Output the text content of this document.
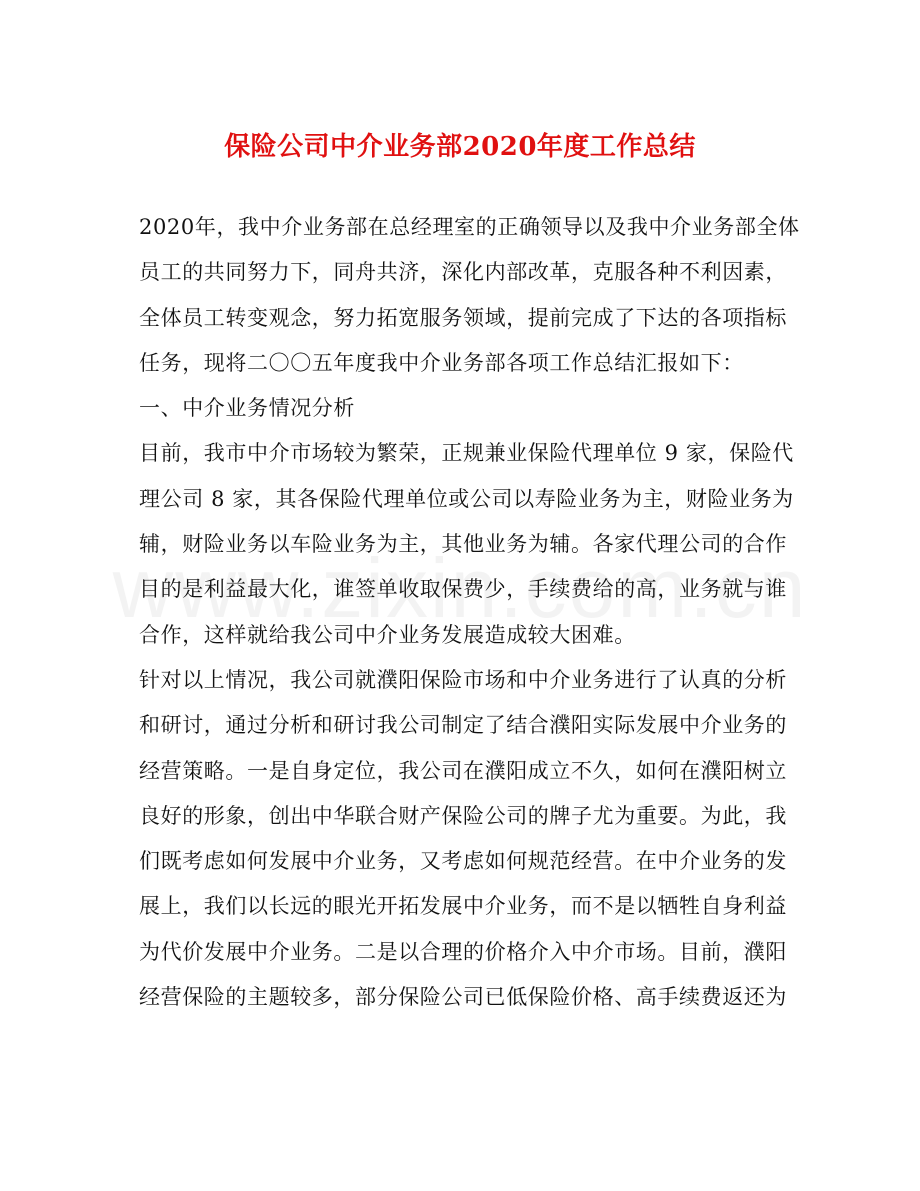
保险公司中介业务部2020年度工作总结
2020年，我中介业务部在总经理室的正确领导以及我中介业务部全体
员工的共同努力下，同舟共济，深化内部改革，克服各种不利因素，
全体员工转变观念，努力拓宽服务领域，提前完成了下达的各项指标
任务，现将二〇〇五年度我中介业务部各项工作总结汇报如下：
一、中介业务情况分析
目前，我市中介市场较为繁荣，正规兼业保险代理单位 9 家，保险代
理公司 8 家，其各保险代理单位或公司以寿险业务为主，财险业务为
辅，财险业务以车险业务为主，其他业务为辅。各家代理公司的合作
目的是利益最大化，谁签单收取保费少，手续费给的高，业务就与谁
合作，这样就给我公司中介业务发展造成较大困难。
针对以上情况，我公司就濮阳保险市场和中介业务进行了认真的分析
和研讨，通过分析和研讨我公司制定了结合濮阳实际发展中介业务的
经营策略。一是自身定位，我公司在濮阳成立不久，如何在濮阳树立
良好的形象，创出中华联合财产保险公司的牌子尤为重要。为此，我
们既考虑如何发展中介业务，又考虑如何规范经营。在中介业务的发
展上，我们以长远的眼光开拓发展中介业务，而不是以牺牲自身利益
为代价发展中介业务。二是以合理的价格介入中介市场。目前，濮阳
经营保险的主题较多，部分保险公司已低保险价格、高手续费返还为
